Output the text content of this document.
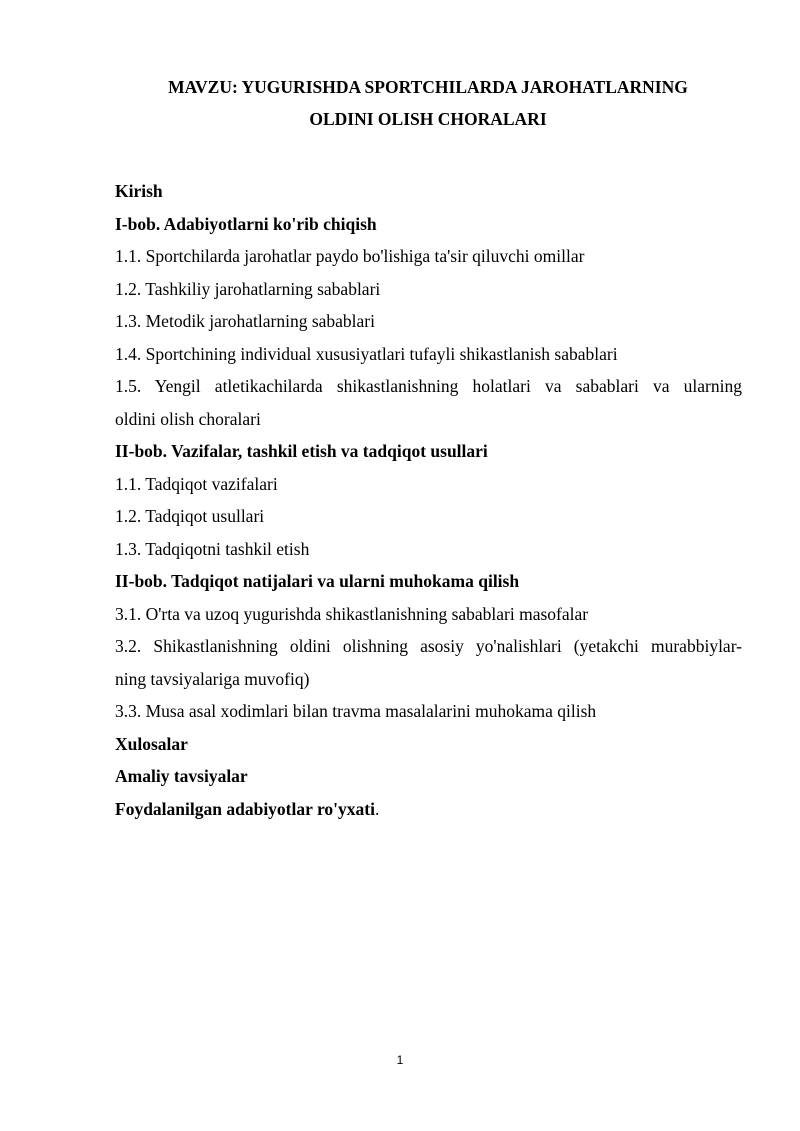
MAVZU: YUGURISHDA SPORTCHILARDA JAROHATLARNING

OLDINI OLISH CHORALARI

Kirish

I-bob. Adabiyotlarni ko'rib chiqish

1.1. Sportchilarda jarohatlar paydo bo'lishiga ta'sir qiluvchi omillar

1.2. Tashkiliy jarohatlarning sabablari

1.3. Metodik jarohatlarning sabablari

1.4. Sportchining individual xususiyatlari tufayli shikastlanish sabablari

1.5. Yengil atletikachilarda shikastlanishning holatlari va sabablari va ularning

oldini olish choralari

II-bob. Vazifalar, tashkil etish va tadqiqot usullari

1.1. Tadqiqot vazifalari

1.2. Tadqiqot usullari

1.3. Tadqiqotni tashkil etish

II-bob. Tadqiqot natijalari va ularni muhokama qilish

3.1. O'rta va uzoq yugurishda shikastlanishning sabablari masofalar

3.2. Shikastlanishning oldini olishning asosiy yo'nalishlari (yetakchi murabbiylar-

ning tavsiyalariga muvofiq)

3.3. Musa asal xodimlari bilan travma masalalarini muhokama qilish

Xulosalar

Amaliy tavsiyalar

Foydalanilgan adabiyotlar ro'yxati.

1
